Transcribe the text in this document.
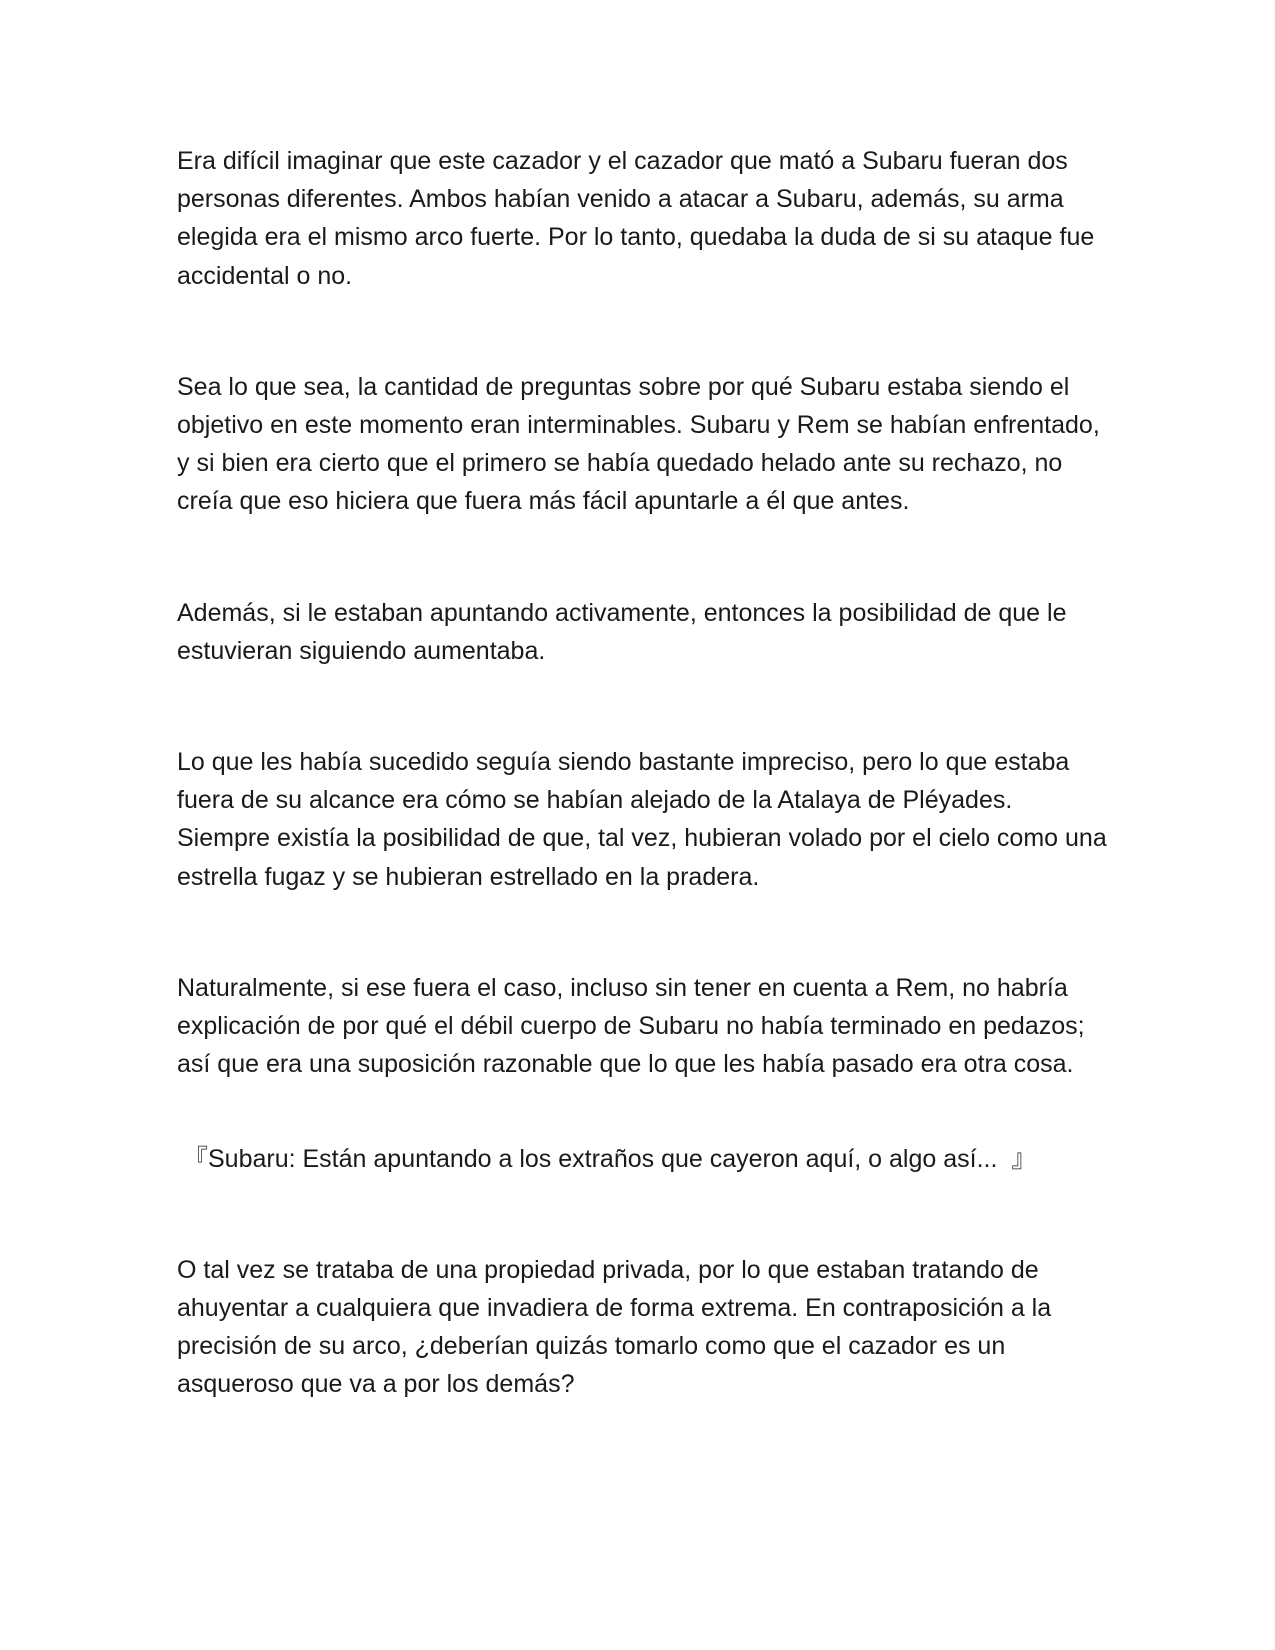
Era difícil imaginar que este cazador y el cazador que mató a Subaru fueran dos personas diferentes. Ambos habían venido a atacar a Subaru, además, su arma elegida era el mismo arco fuerte. Por lo tanto, quedaba la duda de si su ataque fue accidental o no.

Sea lo que sea, la cantidad de preguntas sobre por qué Subaru estaba siendo el objetivo en este momento eran interminables. Subaru y Rem se habían enfrentado, y si bien era cierto que el primero se había quedado helado ante su rechazo, no creía que eso hiciera que fuera más fácil apuntarle a él que antes.

Además, si le estaban apuntando activamente, entonces la posibilidad de que le estuvieran siguiendo aumentaba.

Lo que les había sucedido seguía siendo bastante impreciso, pero lo que estaba fuera de su alcance era cómo se habían alejado de la Atalaya de Pléyades. Siempre existía la posibilidad de que, tal vez, hubieran volado por el cielo como una estrella fugaz y se hubieran estrellado en la pradera.

Naturalmente, si ese fuera el caso, incluso sin tener en cuenta a Rem, no habría explicación de por qué el débil cuerpo de Subaru no había terminado en pedazos; así que era una suposición razonable que lo que les había pasado era otra cosa.

『Subaru: Están apuntando a los extraños que cayeron aquí, o algo así...  』

O tal vez se trataba de una propiedad privada, por lo que estaban tratando de ahuyentar a cualquiera que invadiera de forma extrema. En contraposición a la precisión de su arco, ¿deberían quizás tomarlo como que el cazador es un asqueroso que va a por los demás?
